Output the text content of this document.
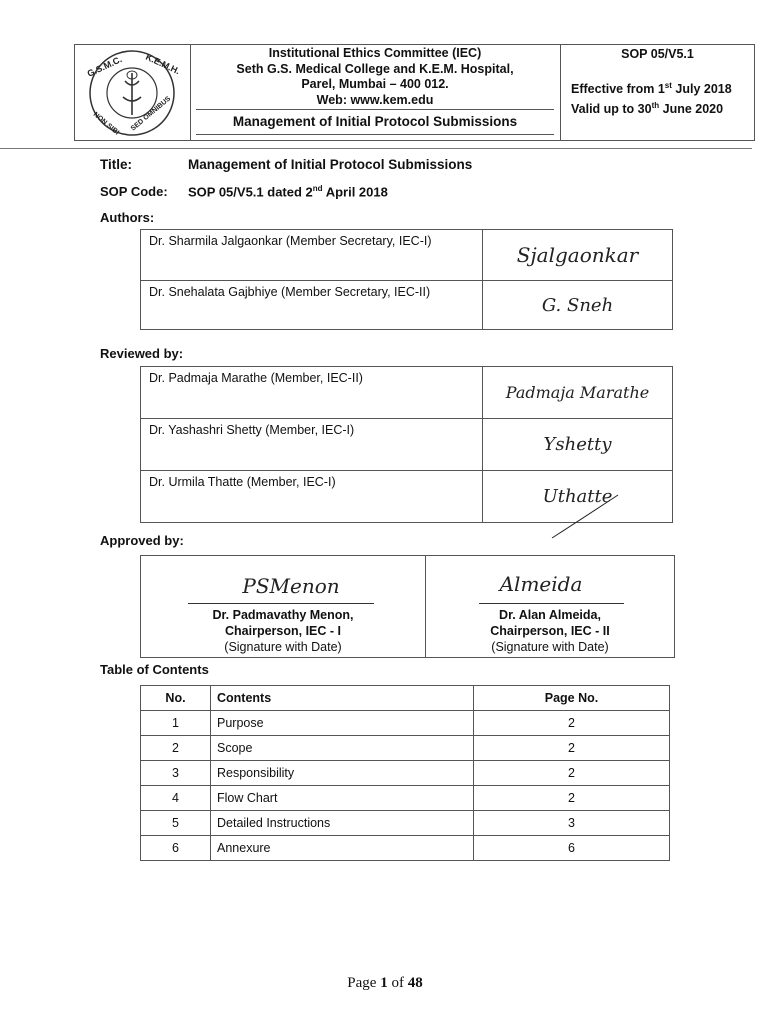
G.S.M.C. K.E.M.H.
NON SIBI SED OMNIBUS
Institutional Ethics Committee (IEC)
Seth G.S. Medical College and K.E.M. Hospital,
Parel, Mumbai – 400 012.
Web: www.kem.edu
Management of Initial Protocol Submissions
SOP 05/V5.1
Effective from 1st July 2018
Valid up to 30th June 2020
Title:	Management of Initial Protocol Submissions
SOP Code: SOP 05/V5.1 dated 2nd April 2018
Authors:
Dr. Sharmila Jalgaonkar (Member Secretary, IEC-I)	Sjalgaonkar
Dr. Snehalata Gajbhiye (Member Secretary, IEC-II)	G. Sneh
Reviewed by:
Dr. Padmaja Marathe (Member, IEC-II)	Padmaja Marathe
Dr. Yashashri Shetty (Member, IEC-I)	Yshetty
Dr. Urmila Thatte (Member, IEC-I)	Uthatte
Approved by:
PSMenon
Dr. Padmavathy Menon,
Chairperson, IEC - I
(Signature with Date)
Almeida
Dr. Alan Almeida,
Chairperson, IEC - II
(Signature with Date)
Table of Contents
No.	Contents	Page No.
1	Purpose	2
2	Scope	2
3	Responsibility	2
4	Flow Chart	2
5	Detailed Instructions	3
6	Annexure	6
Page 1 of 48
